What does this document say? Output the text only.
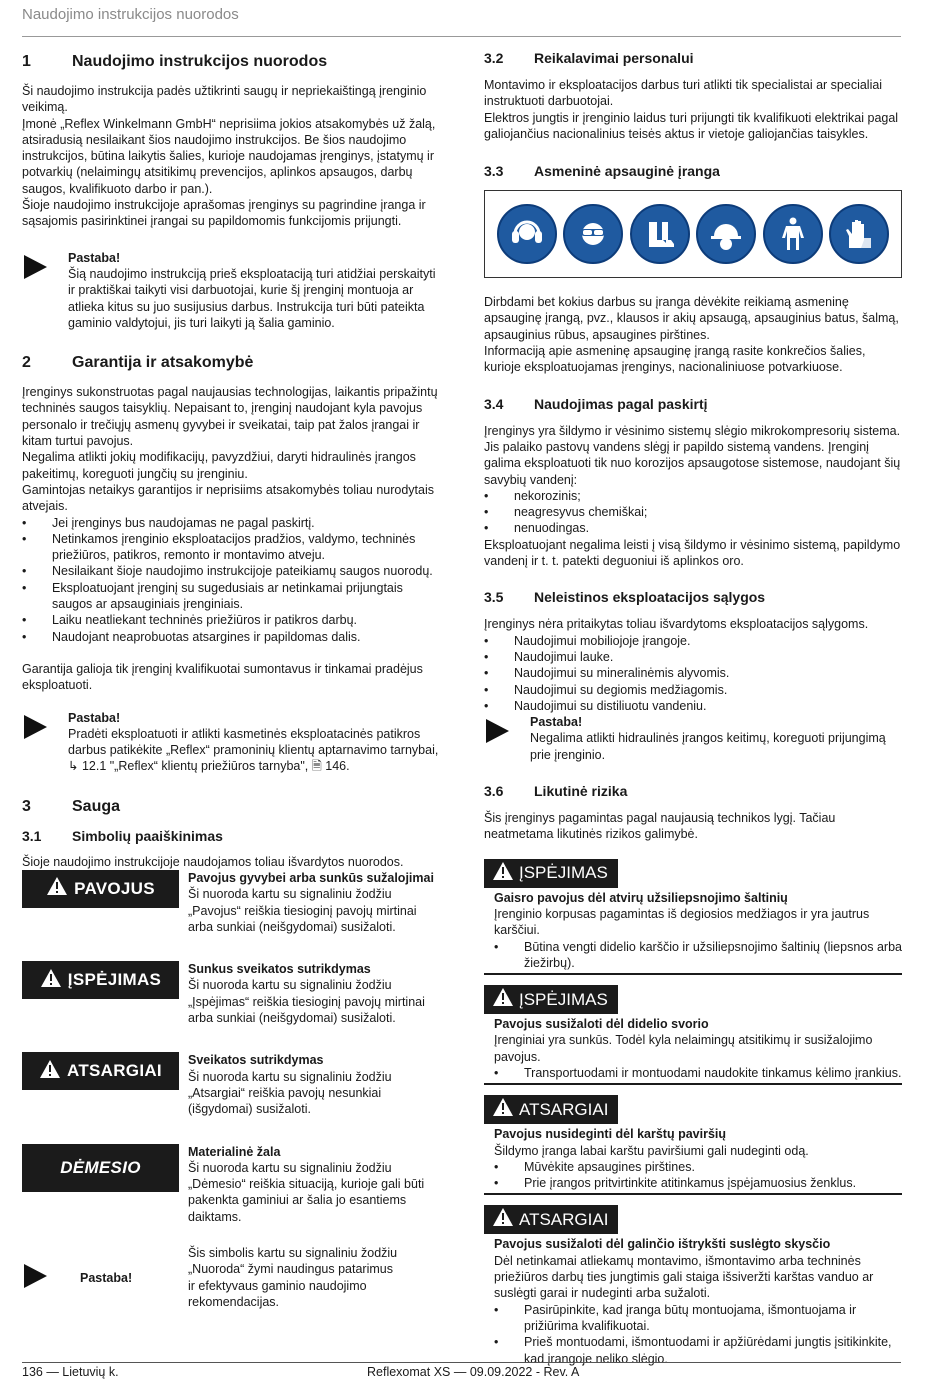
Naudojimo instrukcijos nuorodos
1	Naudojimo instrukcijos nuorodos

Ši naudojimo instrukcija padės užtikrinti saugų ir nepriekaištingą įrenginio veikimą.

Įmonė „Reflex Winkelmann GmbH“ neprisiima jokios atsakomybės už žalą, atsiradusią nesilaikant šios naudojimo instrukcijos. Be šios naudojimo instrukcijos, būtina laikytis šalies, kurioje naudojamas įrenginys, įstatymų ir potvarkių (nelaimingų atsitikimų prevencijos, aplinkos apsaugos, darbų saugos, kvalifikuoto darbo ir pan.).

Šioje naudojimo instrukcijoje aprašomas įrenginys su pagrindine įranga ir sąsajomis pasirinktinei įrangai su papildomomis funkcijomis prijungti.

Pastaba!

Šią naudojimo instrukciją prieš eksploataciją turi atidžiai perskaityti ir praktiškai taikyti visi darbuotojai, kurie šį įrenginį montuoja ar atlieka kitus su juo susijusius darbus. Instrukcija turi būti pateikta gaminio valdytojui, jis turi laikyti ją šalia gaminio.

2	Garantija ir atsakomybė

Įrenginys sukonstruotas pagal naujausias technologijas, laikantis pripažintų techninės saugos taisyklių. Nepaisant to, įrenginį naudojant kyla pavojus personalo ir trečiųjų asmenų gyvybei ir sveikatai, taip pat žalos įrangai ir kitam turtui pavojus.

Negalima atlikti jokių modifikacijų, pavyzdžiui, daryti hidraulinės įrangos pakeitimų, koreguoti jungčių su įrenginiu.

Gamintojas netaikys garantijos ir neprisiims atsakomybės toliau nurodytais atvejais.

• Jei įrenginys bus naudojamas ne pagal paskirtį.
• Netinkamos įrenginio eksploatacijos pradžios, valdymo, techninės priežiūros, patikros, remonto ir montavimo atveju.
• Nesilaikant šioje naudojimo instrukcijoje pateikiamų saugos nuorodų.
• Eksploatuojant įrenginį su sugedusiais ar netinkamai prijungtais saugos ar apsauginiais įrenginiais.
• Laiku neatliekant techninės priežiūros ir patikros darbų.
• Naudojant neaprobuotas atsargines ir papildomas dalis.

Garantija galioja tik įrenginį kvalifikuotai sumontavus ir tinkamai pradėjus eksploatuoti.

Pastaba!

Pradėti eksploatuoti ir atlikti kasmetinės eksploatacinės patikros darbus patikėkite „Reflex“ pramoninių klientų aptarnavimo tarnybai, ↳ 12.1 "„Reflex“ klientų priežiūros tarnyba", 🗎 146.

3	Sauga
3.1	Simbolių paaiškinimas

Šioje naudojimo instrukcijoje naudojamos toliau išvardytos nuorodos.

PAVOJUS
Pavojus gyvybei arba sunkūs sužalojimai

Ši nuoroda kartu su signaliniu žodžiu „Pavojus“ reiškia tiesioginį pavojų mirtinai arba sunkiai (neišgydomai) susižaloti.

ĮSPĖJIMAS
Sunkus sveikatos sutrikdymas

Ši nuoroda kartu su signaliniu žodžiu „Įspėjimas“ reiškia tiesioginį pavojų mirtinai arba sunkiai (neišgydomai) susižaloti.

ATSARGIAI
Sveikatos sutrikdymas

Ši nuoroda kartu su signaliniu žodžiu „Atsargiai“ reiškia pavojų nesunkiai (išgydomai) susižaloti.

DĖMESIO
Materialinė žala

Ši nuoroda kartu su signaliniu žodžiu „Dėmesio“ reiškia situaciją, kurioje gali būti pakenkta gaminiui ar šalia jo esantiems daiktams.

Pastaba!

Šis simbolis kartu su signaliniu žodžiu „Nuoroda“ žymi naudingus patarimus ir efektyvaus gaminio naudojimo rekomendacijas.

3.2	Reikalavimai personalui

Montavimo ir eksploatacijos darbus turi atlikti tik specialistai ar specialiai instruktuoti darbuotojai.

Elektros jungtis ir įrenginio laidus turi prijungti tik kvalifikuoti elektrikai pagal galiojančius nacionalinius teisės aktus ir vietoje galiojančias taisykles.

3.3	Asmeninė apsauginė įranga

Dirbdami bet kokius darbus su įranga dėvėkite reikiamą asmeninę apsauginę įrangą, pvz., klausos ir akių apsaugą, apsauginius batus, šalmą, apsauginius rūbus, apsaugines pirštines.

Informaciją apie asmeninę apsauginę įrangą rasite konkrečios šalies, kurioje eksploatuojamas įrenginys, nacionaliniuose potvarkiuose.

3.4	Naudojimas pagal paskirtį

Įrenginys yra šildymo ir vėsinimo sistemų slėgio mikrokompresorių sistema. Jis palaiko pastovų vandens slėgį ir papildo sistemą vandens. Įrenginį galima eksploatuoti tik nuo korozijos apsaugotose sistemose, naudojant šių savybių vandenį:

• nekorozinis;
• neagresyvus chemiškai;
• nenuodingas.

Eksploatuojant negalima leisti į visą šildymo ir vėsinimo sistemą, papildymo vandenį ir t. t. patekti deguoniui iš aplinkos oro.

3.5	Neleistinos eksploatacijos sąlygos

Įrenginys nėra pritaikytas toliau išvardytoms eksploatacijos sąlygoms.

• Naudojimui mobiliojoje įrangoje.
• Naudojimui lauke.
• Naudojimui su mineralinėmis alyvomis.
• Naudojimui su degiomis medžiagomis.
• Naudojimui su distiliuotu vandeniu.
Pastaba!

Negalima atlikti hidraulinės įrangos keitimų, koreguoti prijungimą prie įrenginio.

3.6	Likutinė rizika

Šis įrenginys pagamintas pagal naujausią technikos lygį. Tačiau neatmetama likutinės rizikos galimybė.

ĮSPĖJIMAS
Gaisro pavojus dėl atvirų užsiliepsnojimo šaltinių

Įrenginio korpusas pagamintas iš degiosios medžiagos ir yra jautrus karščiui.

• Būtina vengti didelio karščio ir užsiliepsnojimo šaltinių (liepsnos arba žiežirbų).
ĮSPĖJIMAS
Pavojus susižaloti dėl didelio svorio

Įrenginiai yra sunkūs. Todėl kyla nelaimingų atsitikimų ir susižalojimo pavojus.

• Transportuodami ir montuodami naudokite tinkamus kėlimo įrankius.
ATSARGIAI
Pavojus nusideginti dėl karštų paviršių

Šildymo įranga labai karštu paviršiumi gali nudeginti odą.

• Mūvėkite apsaugines pirštines.
• Prie įrangos pritvirtinkite atitinkamus įspėjamuosius ženklus.
ATSARGIAI
Pavojus susižaloti dėl galinčio ištrykšti suslėgto skysčio

Dėl netinkamai atliekamų montavimo, išmontavimo arba techninės priežiūros darbų ties jungtimis gali staiga išsiveržti karštas vanduo ar suslėgti garai ir nudeginti arba sužaloti.

• Pasirūpinkite, kad įranga būtų montuojama, išmontuojama ir prižiūrima kvalifikuotai.
• Prieš montuodami, išmontuodami ir apžiūrėdami jungtis įsitikinkite, kad įrangoje neliko slėgio.
136 — Lietuvių k.	Reflexomat XS — 09.09.2022 - Rev. A
